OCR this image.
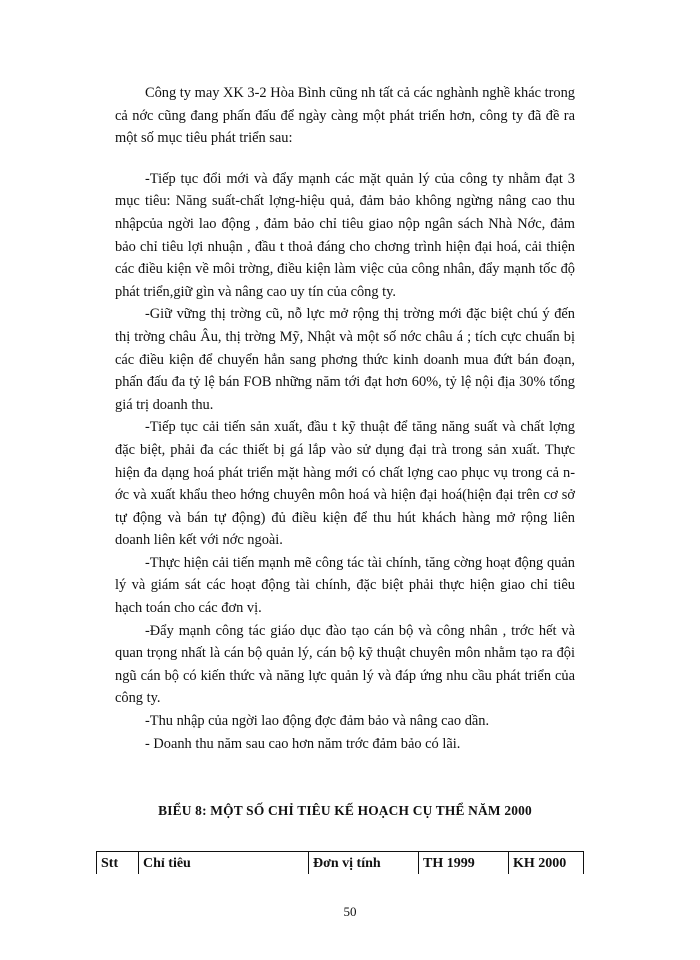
Công ty may XK 3-2 Hòa Bình cũng nh tất cả các nghành nghề khác trong cả nớc cũng đang phấn đấu để ngày càng một phát triển hơn, công ty đã đề ra một số mục tiêu phát triển sau:

-Tiếp tục đổi mới và đẩy mạnh các mặt quản lý của công ty nhằm đạt 3 mục tiêu: Năng suất-chất lợng-hiệu quả, đảm bảo không ngừng nâng cao thu nhậpcủa ngời lao động , đảm bảo chỉ tiêu giao nộp ngân sách Nhà Nớc, đảm bảo chỉ tiêu lợi nhuận , đầu t thoả đáng cho chơng trình hiện đại hoá, cải thiện các điều kiện về môi trờng, điều kiện làm việc của công nhân, đẩy mạnh tốc độ phát triển,giữ gìn và nâng cao uy tín của công ty.

-Giữ vững thị trờng cũ, nỗ lực mở rộng thị trờng mới đặc biệt chú ý đến thị trờng châu Âu, thị trờng Mỹ, Nhật và một số nớc châu á ; tích cực chuẩn bị các điều kiện để chuyển hẳn sang phơng thức kinh doanh mua đứt bán đoạn, phấn đấu đa tỷ lệ bán FOB những năm tới đạt hơn 60%, tỷ lệ nội địa 30% tổng giá trị doanh thu.

-Tiếp tục cải tiến sản xuất, đầu t kỹ thuật để tăng năng suất và chất lợng đặc biệt, phải đa các thiết bị gá lắp vào sử dụng đại trà trong sản xuất. Thực hiện đa dạng hoá phát triển mặt hàng mới có chất lợng cao phục vụ trong cả nớc và xuất khẩu theo hớng chuyên môn hoá và hiện đại hoá(hiện đại trên cơ sở tự động và bán tự động) đủ điều kiện để thu hút khách hàng mở rộng liên doanh liên kết với nớc ngoài.

-Thực hiện cải tiến mạnh mẽ công tác tài chính, tăng cờng hoạt động quản lý và giám sát các hoạt động tài chính, đặc biệt phải thực hiện giao chỉ tiêu hạch toán cho các đơn vị.

-Đẩy mạnh công tác giáo dục đào tạo cán bộ và công nhân , trớc hết và quan trọng nhất là cán bộ quản lý, cán bộ kỹ thuật chuyên môn nhằm tạo ra đội ngũ cán bộ có kiến thức và năng lực quản lý và đáp ứng nhu cầu phát triển của công ty.

-Thu nhập của ngời lao động đợc đảm bảo và nâng cao dần.

- Doanh thu năm sau cao hơn năm trớc đảm bảo có lãi.

BIỂU 8: MỘT SỐ CHỈ TIÊU KẾ HOẠCH CỤ THỂ NĂM 2000
Stt	Chỉ tiêu	Đơn vị tính	TH 1999	KH 2000
50
